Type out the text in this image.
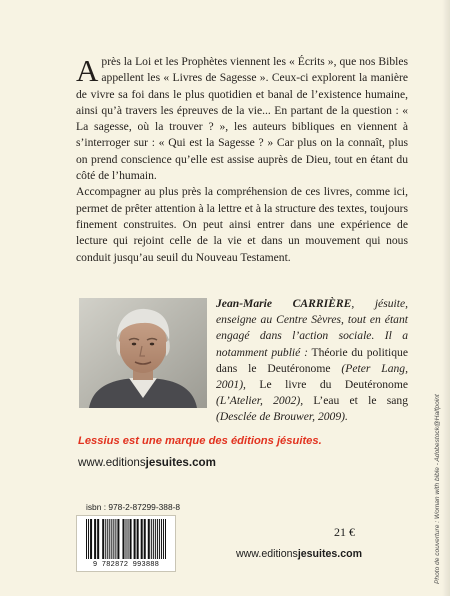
Après la Loi et les Prophètes viennent les « Écrits », que nos Bibles appellent les « Livres de Sagesse ». Ceux-ci explorent la manière de vivre sa foi dans le plus quotidien et banal de l’existence humaine, ainsi qu’à travers les épreuves de la vie... En partant de la question : « La sagesse, où la trouver ? », les auteurs bibliques en viennent à s’interroger sur : « Qui est la Sagesse ? » Car plus on la connaît, plus on prend conscience qu’elle est assise auprès de Dieu, tout en étant du côté de l’humain.

Accompagner au plus près la compréhension de ces livres, comme ici, permet de prêter attention à la lettre et à la structure des textes, toujours finement construites. On peut ainsi entrer dans une expérience de lecture qui rejoint celle de la vie et dans un mouvement qui nous conduit jusqu’au seuil du Nouveau Testament.

Jean-Marie CARRIÈRE, jésuite, enseigne au Centre Sèvres, tout en étant engagé dans l’action sociale. Il a notamment publié : Théorie du politique dans le Deutéronome (Peter Lang, 2001), Le livre du Deutéronome (L’Atelier, 2002), L’eau et le sang (Desclée de Brouwer, 2009).
Lessius est une marque des éditions jésuites.
www.editionsjesuites.com
isbn : 978-2-87299-388-8
21 €
9 782872 993888
www.editionsjesuites.com	Photo de couverture : Woman with bible - Adobestock@Halfpoint
